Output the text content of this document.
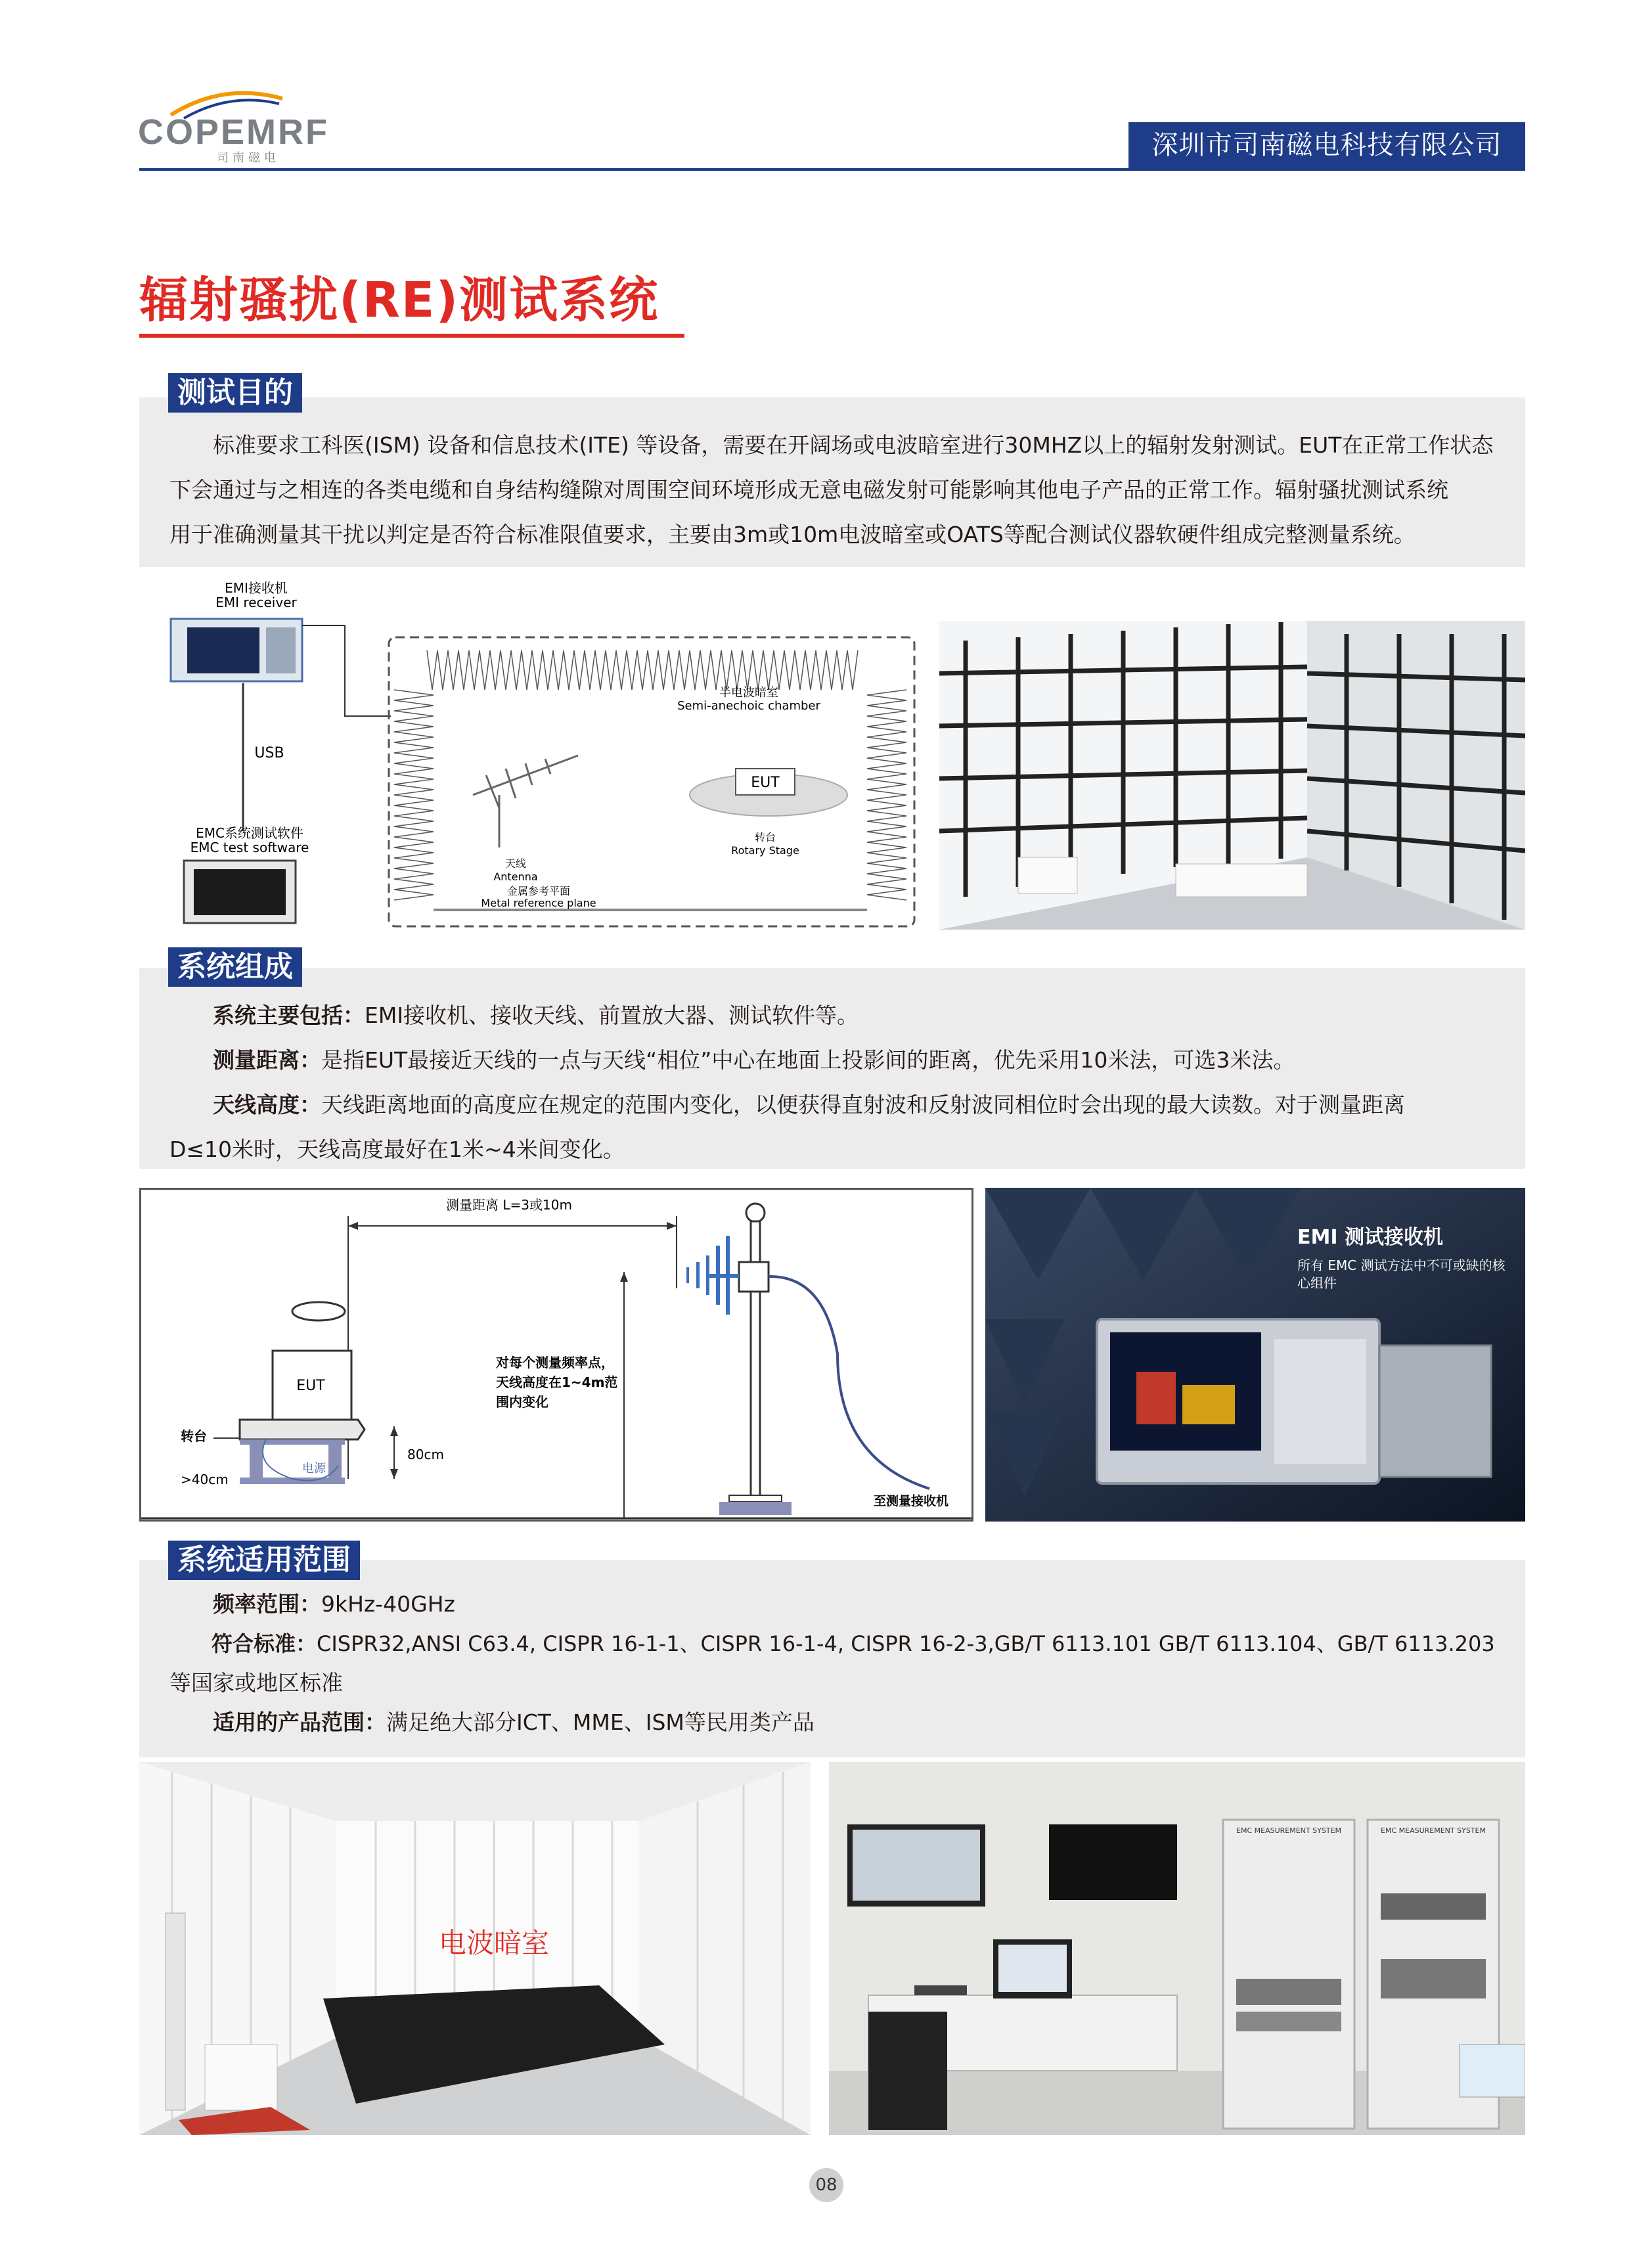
COPEMRF
司南磁电	深圳市司南磁电科技有限公司
辐射骚扰(RE)测试系统
测试目的
标准要求工科医(ISM) 设备和信息技术(ITE) 等设备，需要在开阔场或电波暗室进行30MHZ以上的辐射发射测试。EUT在正常工作状态
下会通过与之相连的各类电缆和自身结构缝隙对周围空间环境形成无意电磁发射可能影响其他电子产品的正常工作。辐射骚扰测试系统
用于准确测量其干扰以判定是否符合标准限值要求，主要由3m或10m电波暗室或OATS等配合测试仪器软硬件组成完整测量系统。
EMI接收机
EMI receiver
USB
EMC系统测试软件
EMC test software
半电波暗室
Semi-anechoic chamber
天线
Antenna
EUT
转台
Rotary Stage
金属参考平面
Metal reference plane
系统组成
系统主要包括：EMI接收机、接收天线、前置放大器、测试软件等。
测量距离：是指EUT最接近天线的一点与天线“相位”中心在地面上投影间的距离，优先采用10米法，可选3米法。
天线高度：天线距离地面的高度应在规定的范围内变化，以便获得直射波和反射波同相位时会出现的最大读数。对于测量距离
D≤10米时，天线高度最好在1米~4米间变化。
测量距离 L=3或10m
EUT
转台
电源
>40cm
80cm
对每个测量频率点，
天线高度在1~4m范
围内变化
至测量接收机
EMI 测试接收机
所有 EMC 测试方法中不可或缺的核
心组件
系统适用范围
频率范围：9kHz-40GHz
符合标准：CISPR32,ANSI C63.4, CISPR 16-1-1、CISPR 16-1-4, CISPR 16-2-3,GB/T 6113.101 GB/T 6113.104、GB/T 6113.203
等国家或地区标准
适用的产品范围：满足绝大部分ICT、MME、ISM等民用类产品
电波暗室
EMC MEASUREMENT SYSTEM	EMC MEASUREMENT SYSTEM
08
